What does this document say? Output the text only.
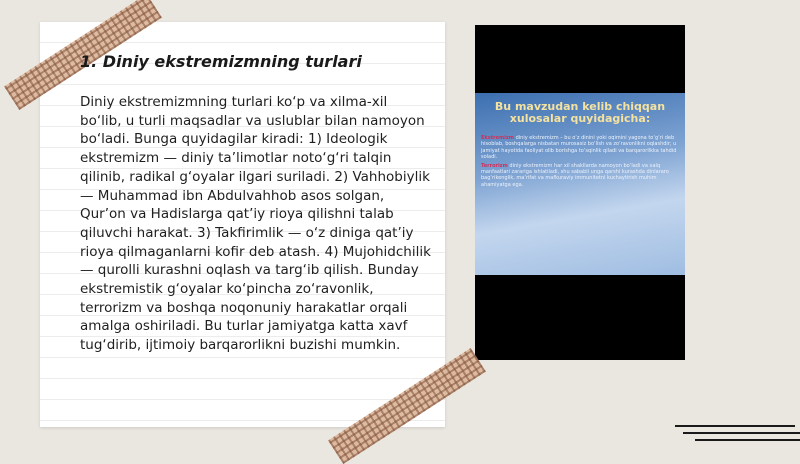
1. Diniy ekstremizmning turlari

Diniy ekstremizmning turlari ko‘p va xilma-xil bo‘lib, u turli maqsadlar va uslublar bilan namoyon bo‘ladi. Bunga quyidagilar kiradi: 1) Ideologik ekstremizm — diniy ta’limotlar noto‘g‘ri talqin qilinib, radikal g‘oyalar ilgari suriladi. 2) Vahhobiylik — Muhammad ibn Abdulvahhob asos solgan, Qur’on va Hadislarga qat’iy rioya qilishni talab qiluvchi harakat. 3) Takfirimlik — o‘z diniga qat’iy rioya qilmaganlarni kofir deb atash. 4) Mujohidchilik — qurolli kurashni oqlash va targ‘ib qilish. Bunday ekstremistik g‘oyalar ko‘pincha zo‘ravonlik, terrorizm va boshqa noqonuniy harakatlar orqali amalga oshiriladi. Bu turlar jamiyatga katta xavf tug‘dirib, ijtimoiy barqarorlikni buzishi mumkin.

Bu mavzudan kelib chiqqan xulosalar quyidagicha:

Ekstremizm diniy ekstremizm – bu o‘z dinini yoki oqimini yagona to‘g‘ri deb hisoblab, boshqalarga nisbatan murosasiz bo‘lish va zo‘ravonlikni oqlashdir; u jamiyat hayotida faoliyat olib borishga to‘sqinlik qiladi va barqarorlikka tahdid soladi.

Terrorizm diniy ekstremizm har xil shakllarda namoyon bo‘ladi va xalq manfaatlari zarariga ishlatiladi, shu sababli unga qarshi kurashda dinlararo bag‘rikenglik, ma’rifat va mafkuraviy immunitetni kuchaytirish muhim ahamiyatga ega.
